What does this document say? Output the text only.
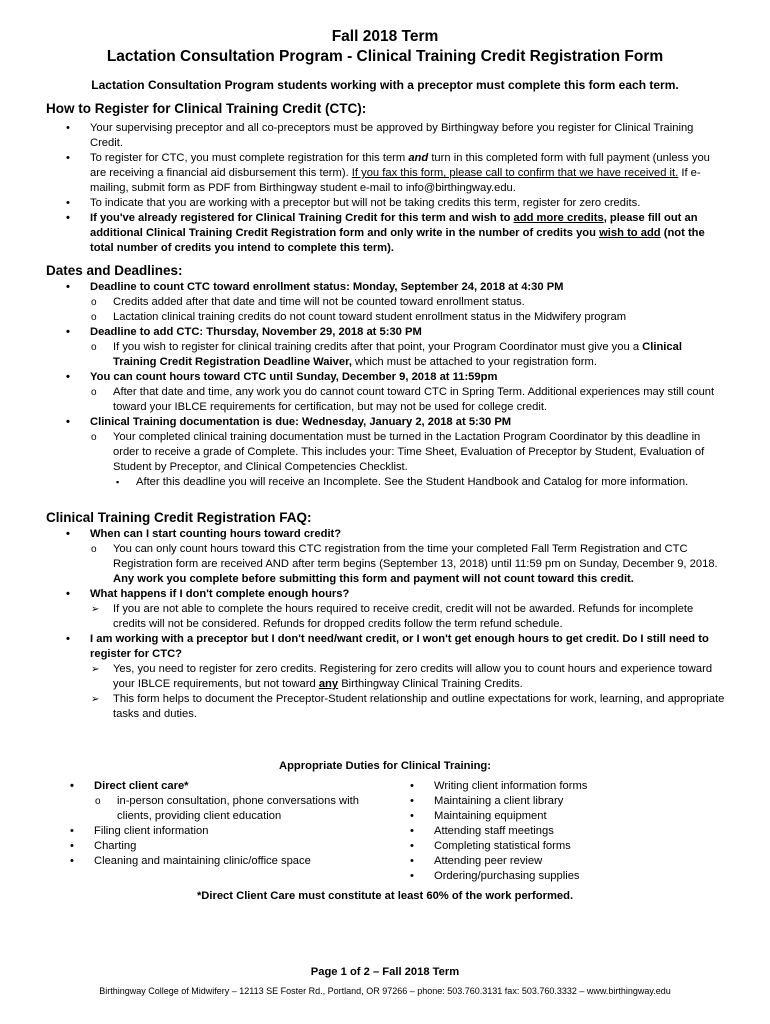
Fall 2018 Term
Lactation Consultation Program - Clinical Training Credit Registration Form
Lactation Consultation Program students working with a preceptor must complete this form each term.
How to Register for Clinical Training Credit (CTC):
• Your supervising preceptor and all co-preceptors must be approved by Birthingway before you register for Clinical Training Credit.
• To register for CTC, you must complete registration for this term and turn in this completed form with full payment (unless you are receiving a financial aid disbursement this term). If you fax this form, please call to confirm that we have received it. If e-mailing, submit form as PDF from Birthingway student e-mail to info@birthingway.edu.
• To indicate that you are working with a preceptor but will not be taking credits this term, register for zero credits.
• If you've already registered for Clinical Training Credit for this term and wish to add more credits, please fill out an additional Clinical Training Credit Registration form and only write in the number of credits you wish to add (not the total number of credits you intend to complete this term).
Dates and Deadlines:
• Deadline to count CTC toward enrollment status: Monday, September 24, 2018 at 4:30 PM
o Credits added after that date and time will not be counted toward enrollment status.
o Lactation clinical training credits do not count toward student enrollment status in the Midwifery program
• Deadline to add CTC: Thursday, November 29, 2018 at 5:30 PM
o If you wish to register for clinical training credits after that point, your Program Coordinator must give you a Clinical Training Credit Registration Deadline Waiver, which must be attached to your registration form.
• You can count hours toward CTC until Sunday, December 9, 2018 at 11:59pm
o After that date and time, any work you do cannot count toward CTC in Spring Term. Additional experiences may still count toward your IBLCE requirements for certification, but may not be used for college credit.
• Clinical Training documentation is due: Wednesday, January 2, 2018 at 5:30 PM
o Your completed clinical training documentation must be turned in the Lactation Program Coordinator by this deadline in order to receive a grade of Complete. This includes your: Time Sheet, Evaluation of Preceptor by Student, Evaluation of Student by Preceptor, and Clinical Competencies Checklist.
▪ After this deadline you will receive an Incomplete. See the Student Handbook and Catalog for more information.
Clinical Training Credit Registration FAQ:
• When can I start counting hours toward credit?
o You can only count hours toward this CTC registration from the time your completed Fall Term Registration and CTC Registration form are received AND after term begins (September 13, 2018) until 11:59 pm on Sunday, December 9, 2018. Any work you complete before submitting this form and payment will not count toward this credit.
• What happens if I don't complete enough hours?
➢ If you are not able to complete the hours required to receive credit, credit will not be awarded. Refunds for incomplete credits will not be considered. Refunds for dropped credits follow the term refund schedule.
• I am working with a preceptor but I don't need/want credit, or I won't get enough hours to get credit. Do I still need to register for CTC?
➢ Yes, you need to register for zero credits. Registering for zero credits will allow you to count hours and experience toward your IBLCE requirements, but not toward any Birthingway Clinical Training Credits.
➢ This form helps to document the Preceptor-Student relationship and outline expectations for work, learning, and appropriate tasks and duties.
Appropriate Duties for Clinical Training:
• Direct client care*
o in-person consultation, phone conversations with clients, providing client education
• Filing client information
• Charting
• Cleaning and maintaining clinic/office space
• Writing client information forms
• Maintaining a client library
• Maintaining equipment
• Attending staff meetings
• Completing statistical forms
• Attending peer review
• Ordering/purchasing supplies
*Direct Client Care must constitute at least 60% of the work performed.
Page 1 of 2 – Fall 2018 Term
Birthingway College of Midwifery – 12113 SE Foster Rd., Portland, OR 97266 – phone: 503.760.3131 fax: 503.760.3332 – www.birthingway.edu
